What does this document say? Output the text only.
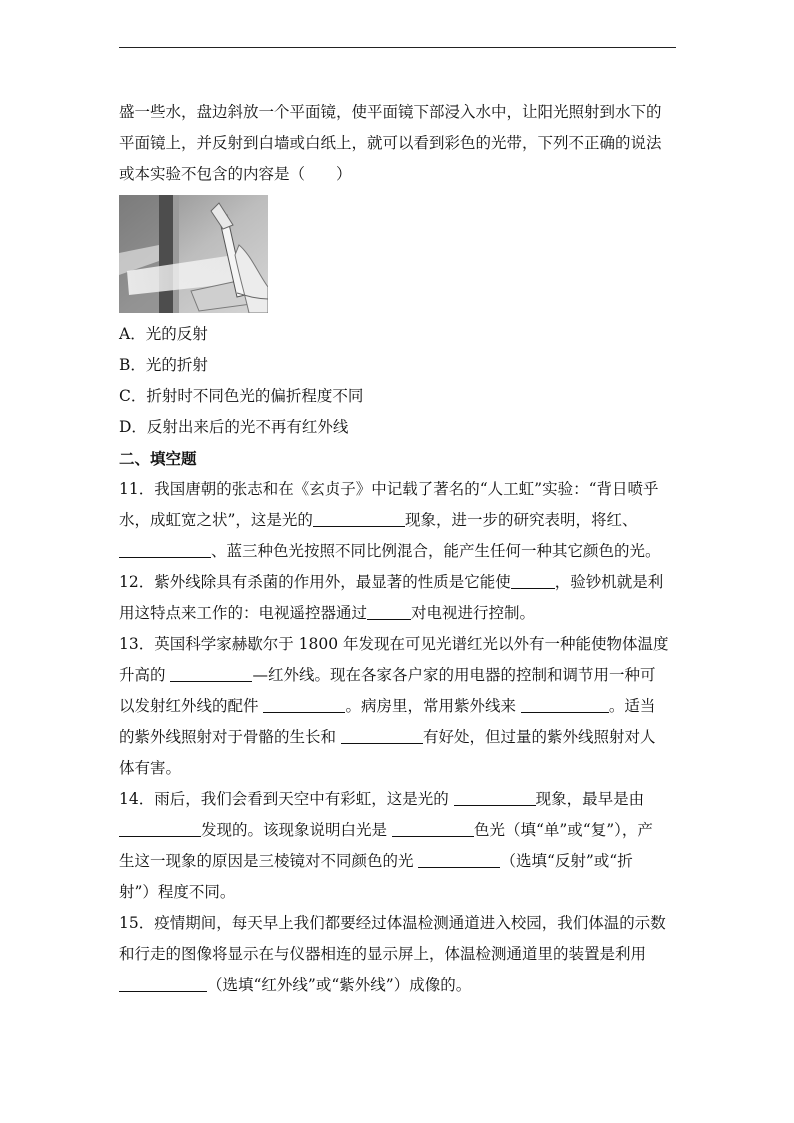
盛一些水，盘边斜放一个平面镜，使平面镜下部浸入水中，让阳光照射到水下的
平面镜上，并反射到白墙或白纸上，就可以看到彩色的光带，下列不正确的说法
或本实验不包含的内容是（　　）
A．光的反射
B．光的折射
C．折射时不同色光的偏折程度不同
D．反射出来后的光不再有红外线
二、填空题
11．我国唐朝的张志和在《玄贞子》中记载了著名的“人工虹”实验：“背日喷乎
水，成虹宽之状”，这是光的	现象，进一步的研究表明，将红、
、蓝三种色光按照不同比例混合，能产生任何一种其它颜色的光。
12．紫外线除具有杀菌的作用外，最显著的性质是它能使	，验钞机就是利
用这特点来工作的：电视遥控器通过	对电视进行控制。
13．英国科学家赫歇尔于 1800 年发现在可见光谱红光以外有一种能使物体温度
升高的	—红外线。现在各家各户家的用电器的控制和调节用一种可
以发射红外线的配件	。病房里，常用紫外线来	。适当
的紫外线照射对于骨骼的生长和	有好处，但过量的紫外线照射对人
体有害。
14．雨后，我们会看到天空中有彩虹，这是光的	现象，最早是由
发现的。该现象说明白光是	色光（填“单”或“复”），产
生这一现象的原因是三棱镜对不同颜色的光	（选填“反射”或“折
射”）程度不同。
15．疫情期间，每天早上我们都要经过体温检测通道进入校园，我们体温的示数
和行走的图像将显示在与仪器相连的显示屏上，体温检测通道里的装置是利用
（选填“红外线”或“紫外线”）成像的。
